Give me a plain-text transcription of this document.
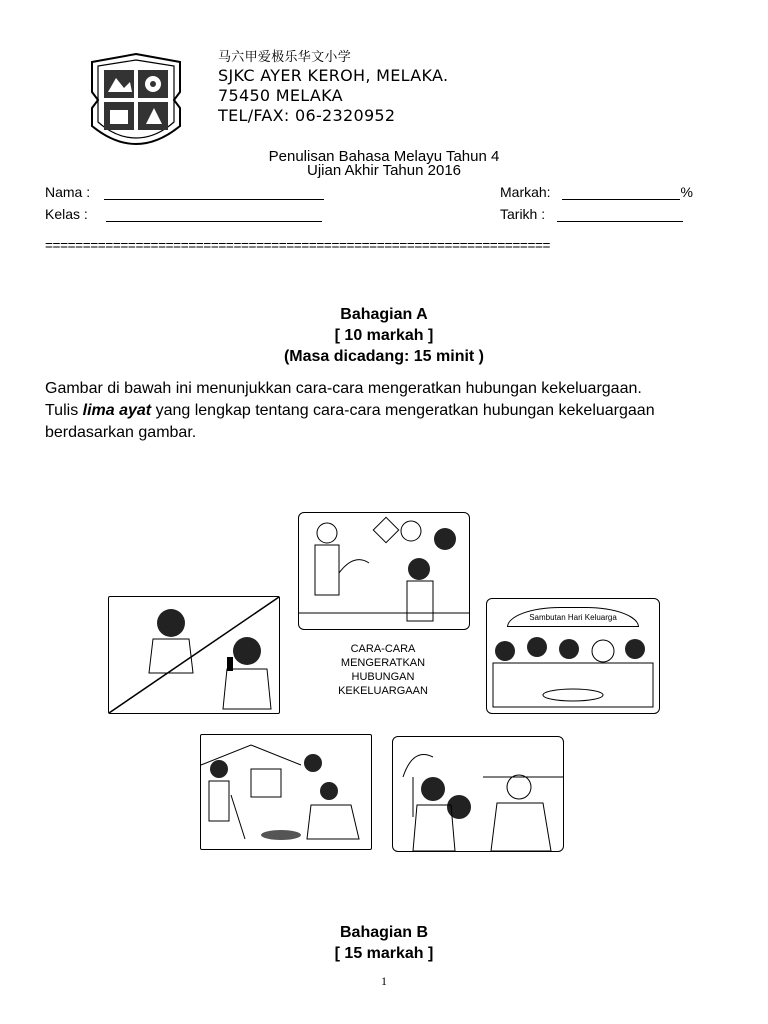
马六甲爱极乐华文小学
SJKC AYER KEROH, MELAKA.
75450 MELAKA
TEL/FAX: 06-2320952
Penulisan Bahasa Melayu Tahun 4
Ujian Akhir Tahun 2016
Nama :
Kelas :
Markah:	%
Tarikh :
===================================================================
Bahagian A
[ 10 markah ]
(Masa dicadang: 15 minit )
Gambar di bawah ini menunjukkan cara-cara mengeratkan hubungan kekeluargaan.
Tulis lima ayat yang lengkap tentang cara-cara mengeratkan hubungan kekeluargaan
berdasarkan gambar.
CARA-CARA
MENGERATKAN
HUBUNGAN
KEKELUARGAAN
Sambutan Hari Keluarga
Bahagian B
[ 15 markah ]
1
